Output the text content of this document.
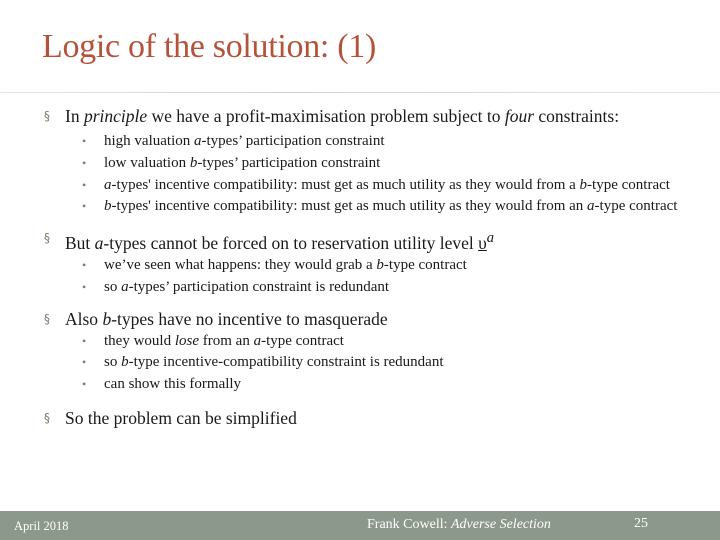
Logic of the solution: (1)
§ In principle we have a profit-maximisation problem subject to four constraints:
• high valuation a-types’ participation constraint
• low valuation b-types’ participation constraint
• a-types' incentive compatibility: must get as much utility as they would from a b-type contract
• b-types' incentive compatibility: must get as much utility as they would from an a-type contract
§ But a-types cannot be forced on to reservation utility level $\upsilon^a$
• we’ve seen what happens: they would grab a b-type contract
• so a-types’ participation constraint is redundant
§ Also b-types have no incentive to masquerade
• they would lose from an a-type contract
• so b-type incentive-compatibility constraint is redundant
• can show this formally
§ So the problem can be simplified
April 2018	Frank Cowell: Adverse Selection	25
